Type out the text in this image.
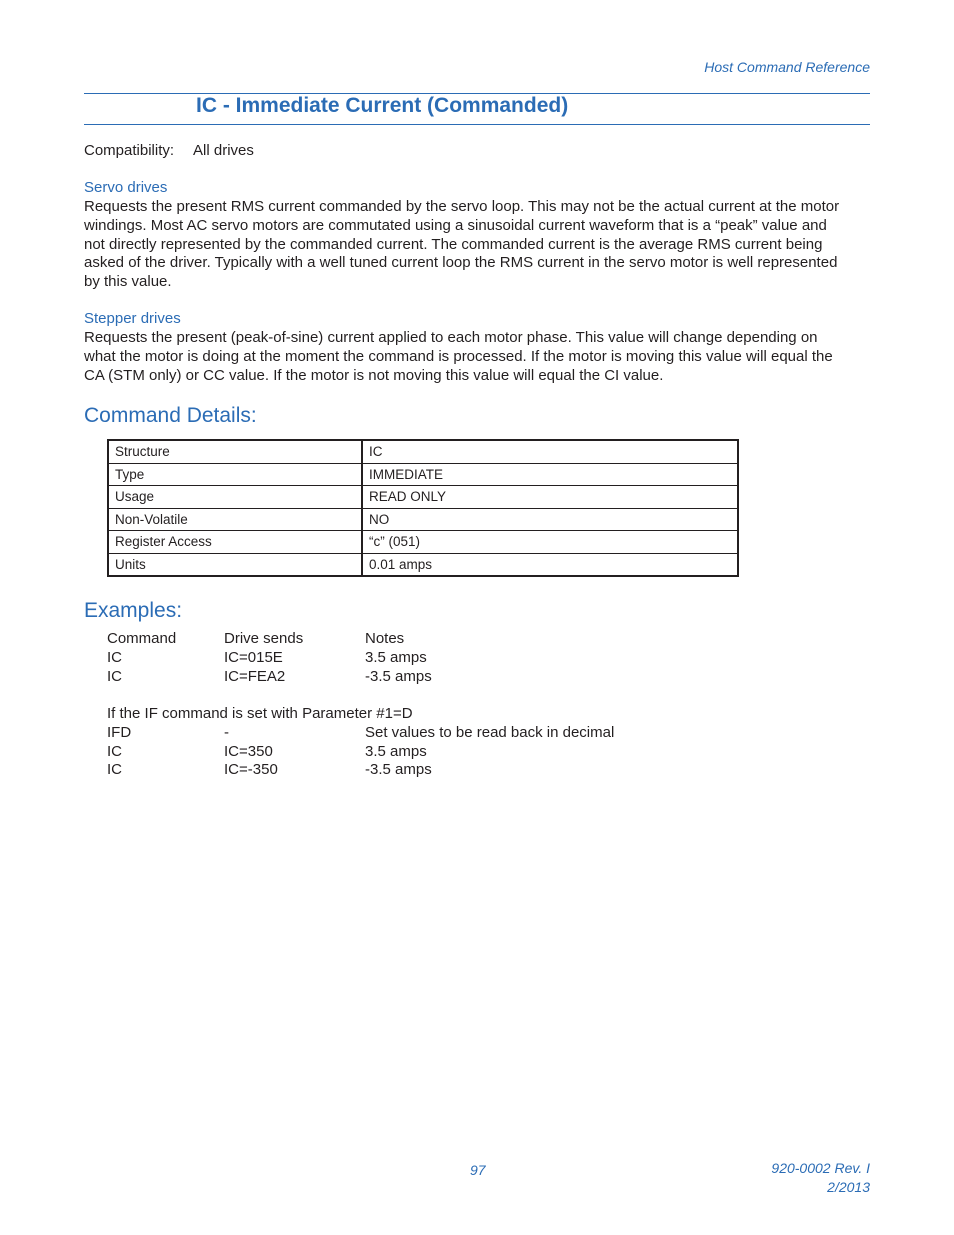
Host Command Reference
IC - Immediate Current (Commanded)
Compatibility: All drives
Servo drives
Requests the present RMS current commanded by the servo loop. This may not be the actual current at the motor
windings. Most AC servo motors are commutated using a sinusoidal current waveform that is a “peak” value and
not directly represented by the commanded current. The commanded current is the average RMS current being
asked of the driver. Typically with a well tuned current loop the RMS current in the servo motor is well represented
by this value.
Stepper drives
Requests the present (peak-of-sine) current applied to each motor phase. This value will change depending on
what the motor is doing at the moment the command is processed. If the motor is moving this value will equal the
CA (STM only) or CC value. If the motor is not moving this value will equal the CI value.
Command Details:
Structure	IC
Type	IMMEDIATE
Usage	READ ONLY
Non-Volatile	NO
Register Access	“c” (051)
Units	0.01 amps
Examples:
Command	Drive sends	Notes
IC	IC=015E	3.5 amps
IC	IC=FEA2	-3.5 amps
If the IF command is set with Parameter #1=D
IFD	-	Set values to be read back in decimal
IC	IC=350	3.5 amps
IC	IC=-350	-3.5 amps
97	920-0002 Rev. I
2/2013
